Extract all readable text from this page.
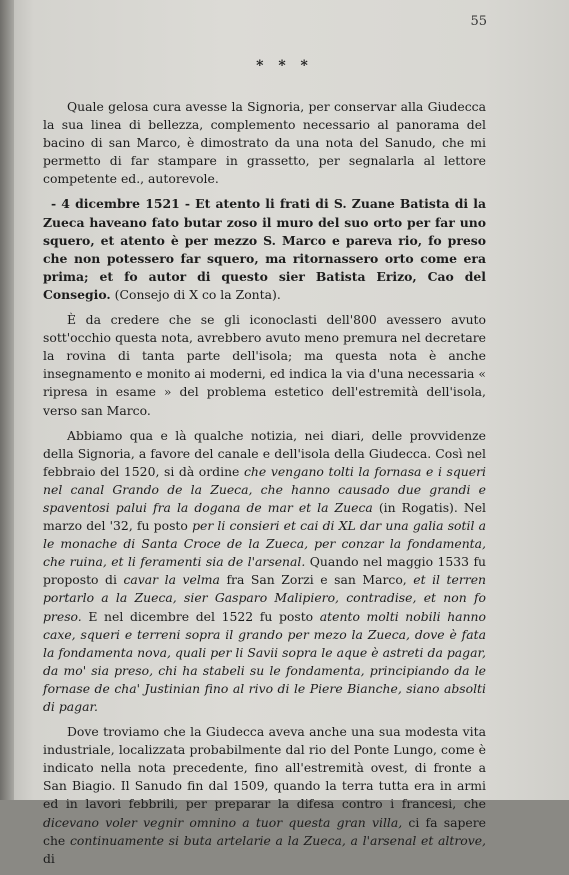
55
* * *

Quale gelosa cura avesse la Signoria, per conservar alla Giudecca la sua linea di bellezza, complemento necessario al panorama del bacino di san Marco, è dimostrato da una nota del Sanudo, che mi permetto di far stampare in grassetto, per segnalarla al lettore competente ed., autorevole.

- 4 dicembre 1521 - Et atento li frati di S. Zuane Batista di la Zueca haveano fato butar zoso il muro del suo orto per far uno squero, et atento è per mezzo S. Marco e pareva rio, fo preso che non potessero far squero, ma ritornassero orto come era prima; et fo autor di questo sier Batista Erizo, Cao del Consegio. (Consejo di X co la Zonta).

È da credere che se gli iconoclasti dell'800 avessero avuto sott'occhio questa nota, avrebbero avuto meno premura nel decretare la rovina di tanta parte dell'isola; ma questa nota è anche insegnamento e monito ai moderni, ed indica la via d'una necessaria « ripresa in esame » del problema estetico dell'estremità dell'isola, verso san Marco.

Abbiamo qua e là qualche notizia, nei diari, delle provvidenze della Signoria, a favore del canale e dell'isola della Giudecca. Così nel febbraio del 1520, si dà ordine che vengano tolti la fornasa e i squeri nel canal Grando de la Zueca, che hanno causado due grandi e spaventosi palui fra la dogana de mar et la Zueca (in Rogatis). Nel marzo del '32, fu posto per li consieri et cai di XL dar una galia sotil a le monache di Santa Croce de la Zueca, per conzar la fondamenta, che ruina, et li feramenti sia de l'arsenal. Quando nel maggio 1533 fu proposto di cavar la velma fra San Zorzi e san Marco, et il terren portarlo a la Zueca, sier Gasparo Malipiero, contradise, et non fo preso. E nel dicembre del 1522 fu posto atento molti nobili hanno caxe, squeri e terreni sopra il grando per mezo la Zueca, dove è fata la fondamenta nova, quali per li Savii sopra le aque è astreti da pagar, da mo' sia preso, chi ha stabeli su le fondamenta, principiando da le fornase de cha' Justinian fino al rivo di le Piere Bianche, siano absolti di pagar.

Dove troviamo che la Giudecca aveva anche una sua modesta vita industriale, localizzata probabilmente dal rio del Ponte Lungo, come è indicato nella nota precedente, fino all'estremità ovest, di fronte a San Biagio. Il Sanudo fin dal 1509, quando la terra tutta era in armi ed in lavori febbrili, per preparar la difesa contro i francesi, che dicevano voler vegnir omnino a tuor questa gran villa, ci fa sapere che continuamente si buta artelarie a la Zueca, a l'arsenal et altrove, di
